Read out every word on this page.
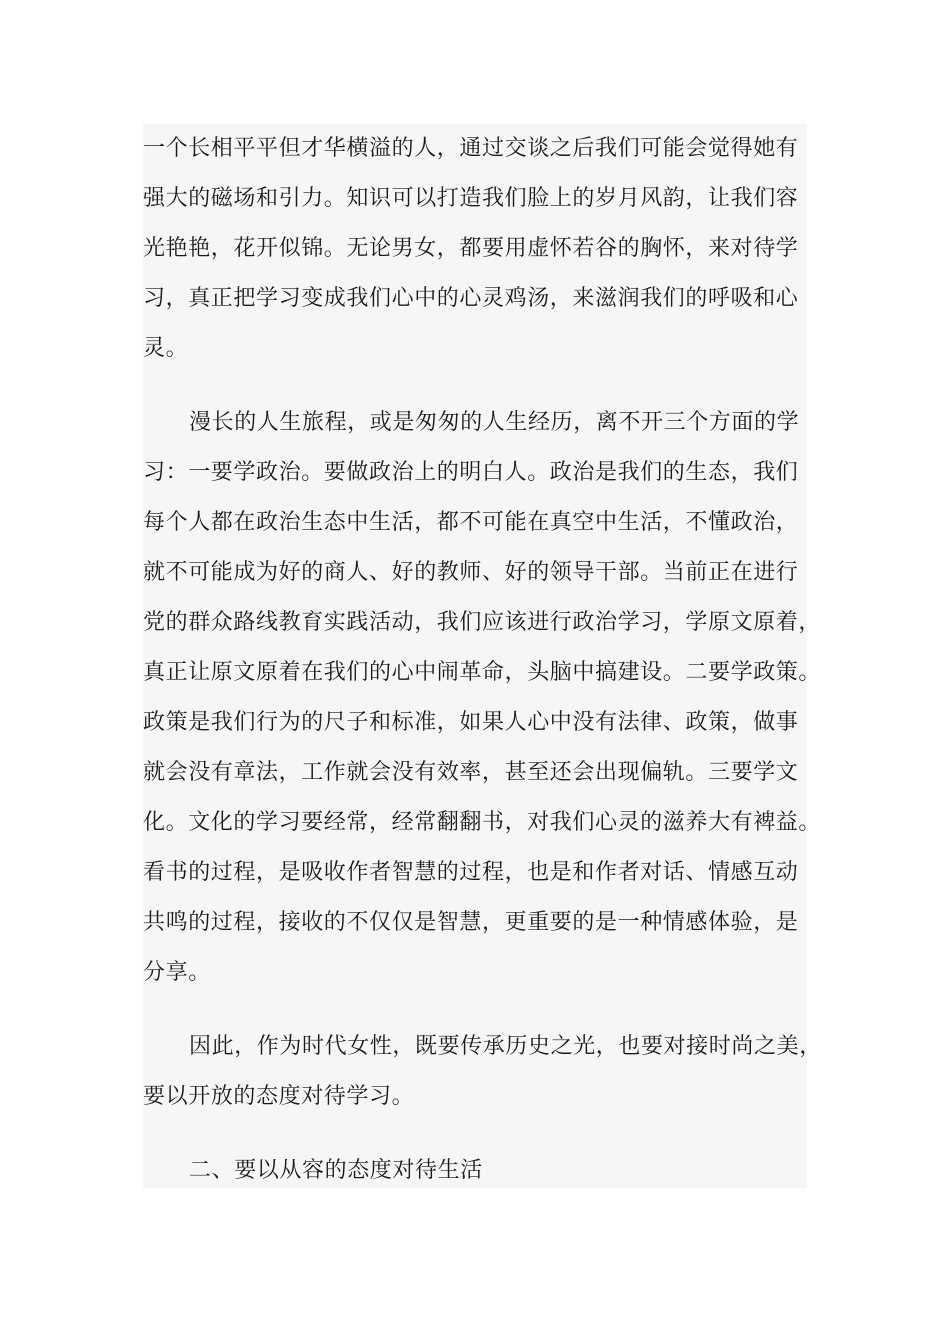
一个长相平平但才华横溢的人，通过交谈之后我们可能会觉得她有
强大的磁场和引力。知识可以打造我们脸上的岁月风韵，让我们容
光艳艳，花开似锦。无论男女，都要用虚怀若谷的胸怀，来对待学
习，真正把学习变成我们心中的心灵鸡汤，来滋润我们的呼吸和心
灵。
漫长的人生旅程，或是匆匆的人生经历，离不开三个方面的学
习：一要学政治。要做政治上的明白人。政治是我们的生态，我们
每个人都在政治生态中生活，都不可能在真空中生活，不懂政治，
就不可能成为好的商人、好的教师、好的领导干部。当前正在进行
党的群众路线教育实践活动，我们应该进行政治学习，学原文原着，
真正让原文原着在我们的心中闹革命，头脑中搞建设。二要学政策。
政策是我们行为的尺子和标准，如果人心中没有法律、政策，做事
就会没有章法，工作就会没有效率，甚至还会出现偏轨。三要学文
化。文化的学习要经常，经常翻翻书，对我们心灵的滋养大有裨益。
看书的过程，是吸收作者智慧的过程，也是和作者对话、情感互动
共鸣的过程，接收的不仅仅是智慧，更重要的是一种情感体验，是
分享。
因此，作为时代女性，既要传承历史之光，也要对接时尚之美，
要以开放的态度对待学习。
二、要以从容的态度对待生活
